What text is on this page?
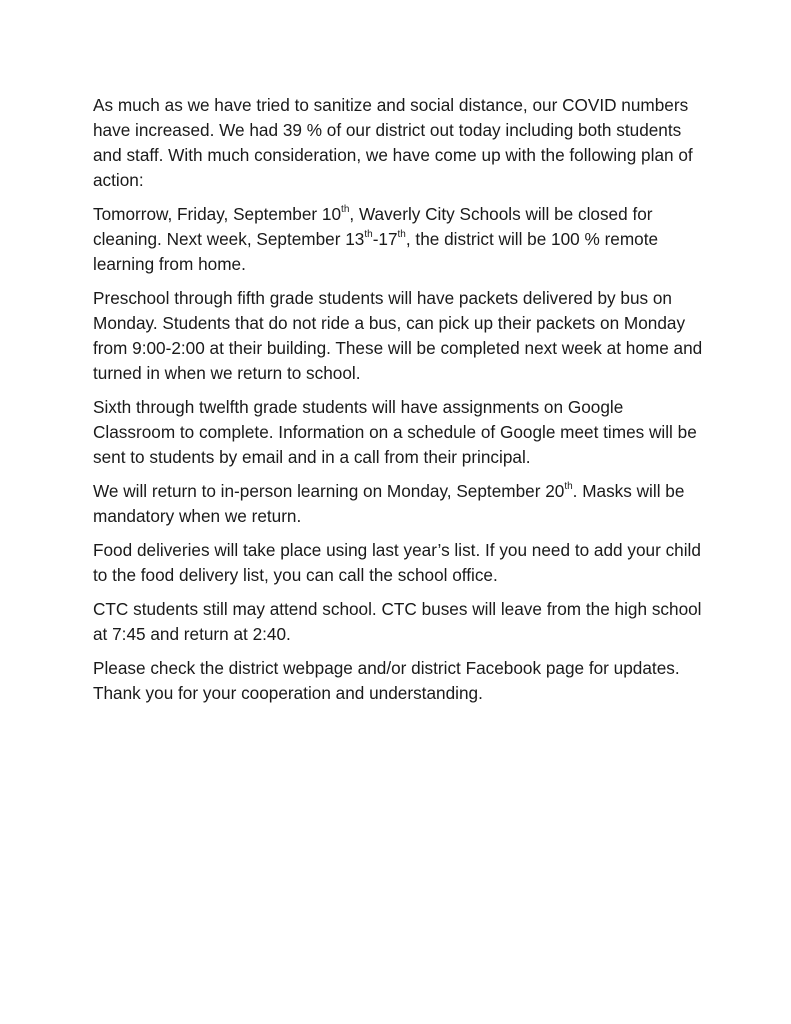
As much as we have tried to sanitize and social distance, our COVID numbers have increased. We had 39 % of our district out today including both students and staff. With much consideration, we have come up with the following plan of action:

Tomorrow, Friday, September 10th, Waverly City Schools will be closed for cleaning. Next week, September 13th-17th, the district will be 100 % remote learning from home.

Preschool through fifth grade students will have packets delivered by bus on Monday. Students that do not ride a bus, can pick up their packets on Monday from 9:00-2:00 at their building. These will be completed next week at home and turned in when we return to school.

Sixth through twelfth grade students will have assignments on Google Classroom to complete. Information on a schedule of Google meet times will be sent to students by email and in a call from their principal.

We will return to in-person learning on Monday, September 20th. Masks will be mandatory when we return.

Food deliveries will take place using last year’s list. If you need to add your child to the food delivery list, you can call the school office.

CTC students still may attend school. CTC buses will leave from the high school at 7:45 and return at 2:40.

Please check the district webpage and/or district Facebook page for updates. Thank you for your cooperation and understanding.
